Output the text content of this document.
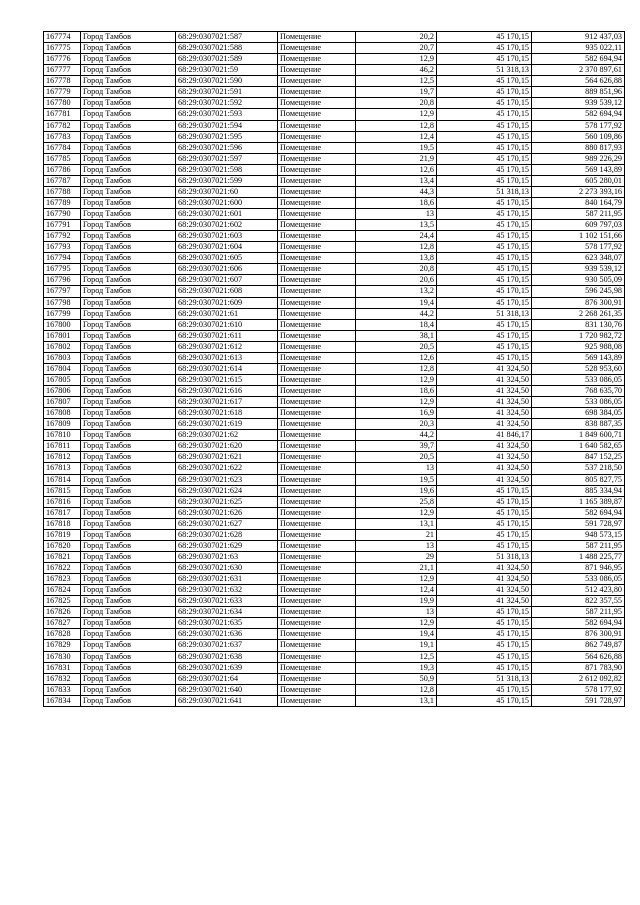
167774	Город Тамбов	68:29:0307021:587	Помещение	20,2	45 170,15	912 437,03
167775	Город Тамбов	68:29:0307021:588	Помещение	20,7	45 170,15	935 022,11
167776	Город Тамбов	68:29:0307021:589	Помещение	12,9	45 170,15	582 694,94
167777	Город Тамбов	68:29:0307021:59	Помещение	46,2	51 318,13	2 370 897,61
167778	Город Тамбов	68:29:0307021:590	Помещение	12,5	45 170,15	564 626,88
167779	Город Тамбов	68:29:0307021:591	Помещение	19,7	45 170,15	889 851,96
167780	Город Тамбов	68:29:0307021:592	Помещение	20,8	45 170,15	939 539,12
167781	Город Тамбов	68:29:0307021:593	Помещение	12,9	45 170,15	582 694,94
167782	Город Тамбов	68:29:0307021:594	Помещение	12,8	45 170,15	578 177,92
167783	Город Тамбов	68:29:0307021:595	Помещение	12,4	45 170,15	560 109,86
167784	Город Тамбов	68:29:0307021:596	Помещение	19,5	45 170,15	880 817,93
167785	Город Тамбов	68:29:0307021:597	Помещение	21,9	45 170,15	989 226,29
167786	Город Тамбов	68:29:0307021:598	Помещение	12,6	45 170,15	569 143,89
167787	Город Тамбов	68:29:0307021:599	Помещение	13,4	45 170,15	605 280,01
167788	Город Тамбов	68:29:0307021:60	Помещение	44,3	51 318,13	2 273 393,16
167789	Город Тамбов	68:29:0307021:600	Помещение	18,6	45 170,15	840 164,79
167790	Город Тамбов	68:29:0307021:601	Помещение	13	45 170,15	587 211,95
167791	Город Тамбов	68:29:0307021:602	Помещение	13,5	45 170,15	609 797,03
167792	Город Тамбов	68:29:0307021:603	Помещение	24,4	45 170,15	1 102 151,66
167793	Город Тамбов	68:29:0307021:604	Помещение	12,8	45 170,15	578 177,92
167794	Город Тамбов	68:29:0307021:605	Помещение	13,8	45 170,15	623 348,07
167795	Город Тамбов	68:29:0307021:606	Помещение	20,8	45 170,15	939 539,12
167796	Город Тамбов	68:29:0307021:607	Помещение	20,6	45 170,15	930 505,09
167797	Город Тамбов	68:29:0307021:608	Помещение	13,2	45 170,15	596 245,98
167798	Город Тамбов	68:29:0307021:609	Помещение	19,4	45 170,15	876 300,91
167799	Город Тамбов	68:29:0307021:61	Помещение	44,2	51 318,13	2 268 261,35
167800	Город Тамбов	68:29:0307021:610	Помещение	18,4	45 170,15	831 130,76
167801	Город Тамбов	68:29:0307021:611	Помещение	38,1	45 170,15	1 720 982,72
167802	Город Тамбов	68:29:0307021:612	Помещение	20,5	45 170,15	925 988,08
167803	Город Тамбов	68:29:0307021:613	Помещение	12,6	45 170,15	569 143,89
167804	Город Тамбов	68:29:0307021:614	Помещение	12,8	41 324,50	528 953,60
167805	Город Тамбов	68:29:0307021:615	Помещение	12,9	41 324,50	533 086,05
167806	Город Тамбов	68:29:0307021:616	Помещение	18,6	41 324,50	768 635,70
167807	Город Тамбов	68:29:0307021:617	Помещение	12,9	41 324,50	533 086,05
167808	Город Тамбов	68:29:0307021:618	Помещение	16,9	41 324,50	698 384,05
167809	Город Тамбов	68:29:0307021:619	Помещение	20,3	41 324,50	838 887,35
167810	Город Тамбов	68:29:0307021:62	Помещение	44,2	41 846,17	1 849 600,71
167811	Город Тамбов	68:29:0307021:620	Помещение	39,7	41 324,50	1 640 582,65
167812	Город Тамбов	68:29:0307021:621	Помещение	20,5	41 324,50	847 152,25
167813	Город Тамбов	68:29:0307021:622	Помещение	13	41 324,50	537 218,50
167814	Город Тамбов	68:29:0307021:623	Помещение	19,5	41 324,50	805 827,75
167815	Город Тамбов	68:29:0307021:624	Помещение	19,6	45 170,15	885 334,94
167816	Город Тамбов	68:29:0307021:625	Помещение	25,8	45 170,15	1 165 389,87
167817	Город Тамбов	68:29:0307021:626	Помещение	12,9	45 170,15	582 694,94
167818	Город Тамбов	68:29:0307021:627	Помещение	13,1	45 170,15	591 728,97
167819	Город Тамбов	68:29:0307021:628	Помещение	21	45 170,15	948 573,15
167820	Город Тамбов	68:29:0307021:629	Помещение	13	45 170,15	587 211,95
167821	Город Тамбов	68:29:0307021:63	Помещение	29	51 318,13	1 488 225,77
167822	Город Тамбов	68:29:0307021:630	Помещение	21,1	41 324,50	871 946,95
167823	Город Тамбов	68:29:0307021:631	Помещение	12,9	41 324,50	533 086,05
167824	Город Тамбов	68:29:0307021:632	Помещение	12,4	41 324,50	512 423,80
167825	Город Тамбов	68:29:0307021:633	Помещение	19,9	41 324,50	822 357,55
167826	Город Тамбов	68:29:0307021:634	Помещение	13	45 170,15	587 211,95
167827	Город Тамбов	68:29:0307021:635	Помещение	12,9	45 170,15	582 694,94
167828	Город Тамбов	68:29:0307021:636	Помещение	19,4	45 170,15	876 300,91
167829	Город Тамбов	68:29:0307021:637	Помещение	19,1	45 170,15	862 749,87
167830	Город Тамбов	68:29:0307021:638	Помещение	12,5	45 170,15	564 626,88
167831	Город Тамбов	68:29:0307021:639	Помещение	19,3	45 170,15	871 783,90
167832	Город Тамбов	68:29:0307021:64	Помещение	50,9	51 318,13	2 612 092,82
167833	Город Тамбов	68:29:0307021:640	Помещение	12,8	45 170,15	578 177,92
167834	Город Тамбов	68:29:0307021:641	Помещение	13,1	45 170,15	591 728,97
